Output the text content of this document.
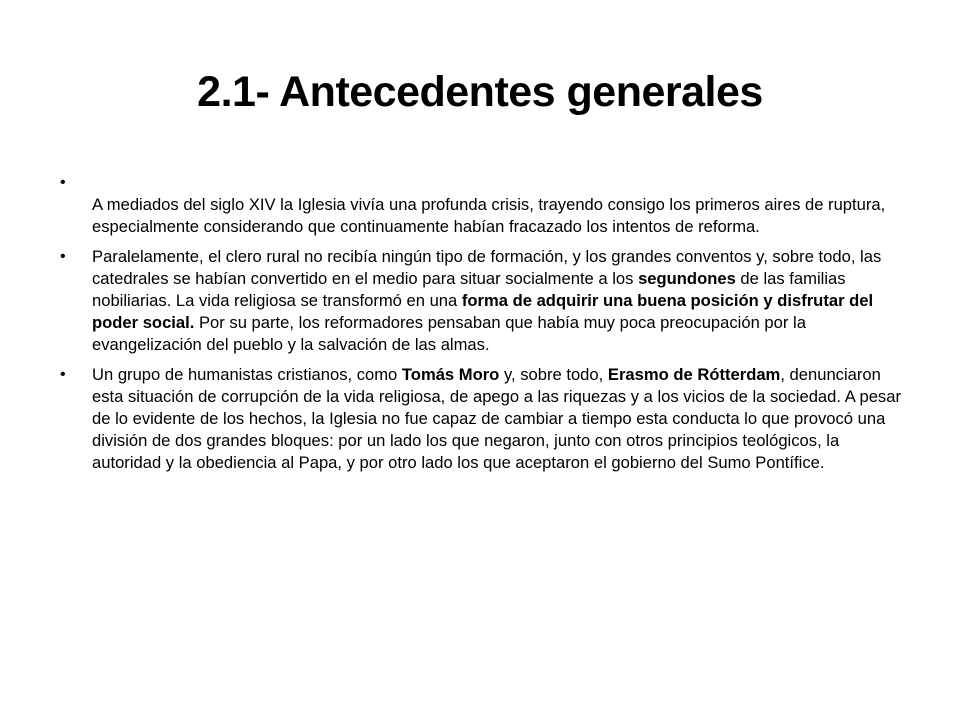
2.1- Antecedentes generales
•
A mediados del siglo XIV la Iglesia vivía una profunda crisis, trayendo consigo los primeros aires de ruptura, especialmente considerando que continuamente habían fracazado los intentos de reforma.
• Paralelamente, el clero rural no recibía ningún tipo de formación, y los grandes conventos y, sobre todo, las catedrales se habían convertido en el medio para situar socialmente a los segundones de las familias nobiliarias. La vida religiosa se transformó en una forma de adquirir una buena posición y disfrutar del poder social. Por su parte, los reformadores pensaban que había muy poca preocupación por la evangelización del pueblo y la salvación de las almas.
• Un grupo de humanistas cristianos, como Tomás Moro y, sobre todo, Erasmo de Rótterdam, denunciaron esta situación de corrupción de la vida religiosa, de apego a las riquezas y a los vicios de la sociedad. A pesar de lo evidente de los hechos, la Iglesia no fue capaz de cambiar a tiempo esta conducta lo que provocó una división de dos grandes bloques: por un lado los que negaron, junto con otros principios teológicos, la autoridad y la obediencia al Papa, y por otro lado los que aceptaron el gobierno del Sumo Pontífice.
